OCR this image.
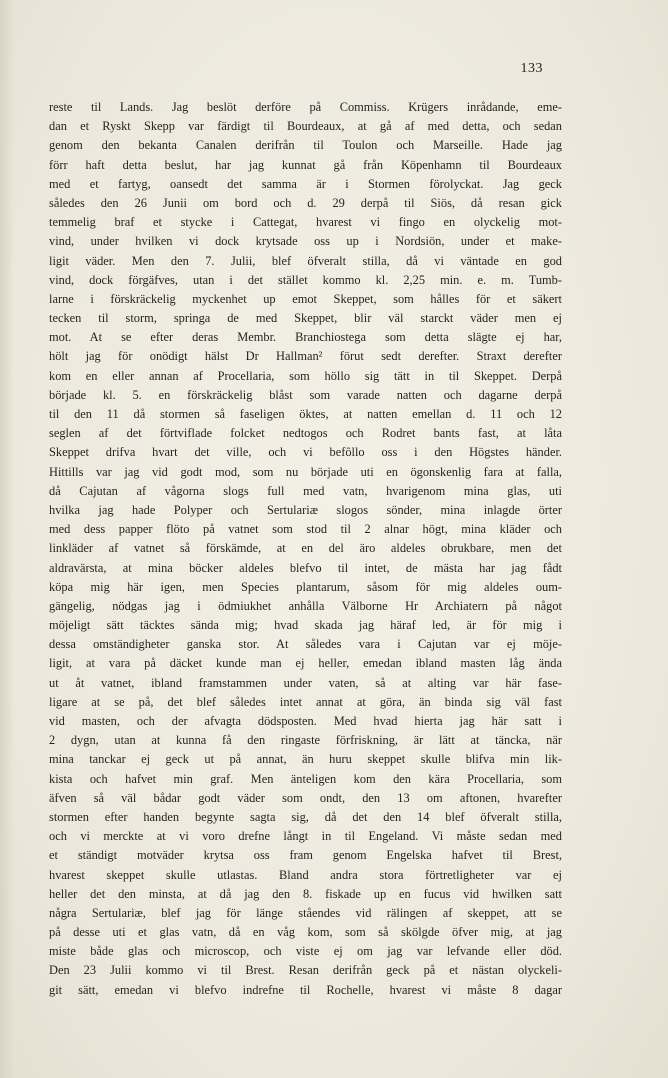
133
reste til Lands. Jag beslöt derföre på Commiss. Krügers inrådande, eme-
dan et Ryskt Skepp var färdigt til Bourdeaux, at gå af med detta, och sedan
genom den bekanta Canalen derifrån til Toulon och Marseille. Hade jag
förr haft detta beslut, har jag kunnat gå från Köpenhamn til Bourdeaux
med et fartyg, oansedt det samma är i Stormen förolyckat. Jag geck
således den 26 Junii om bord och d. 29 derpå til Siös, då resan gick
temmelig braf et stycke i Cattegat, hvarest vi fingo en olyckelig mot-
vind, under hvilken vi dock krytsade oss up i Nordsiön, under et make-
ligit väder. Men den 7. Julii, blef öfveralt stilla, då vi väntade en god
vind, dock förgäfves, utan i det stället kommo kl. 2,25 min. e. m. Tumb-
larne i förskräckelig myckenhet up emot Skeppet, som hålles för et säkert
tecken til storm, springa de med Skeppet, blir väl starckt väder men ej
mot. At se efter deras Membr. Branchiostega som detta slägte ej har,
hölt jag för onödigt hälst Dr Hallman² förut sedt derefter. Straxt derefter
kom en eller annan af Procellaria, som höllo sig tätt in til Skeppet. Derpå
började kl. 5. en förskräckelig blåst som varade natten och dagarne derpå
til den 11 då stormen så faseligen öktes, at natten emellan d. 11 och 12
seglen af det förtviflade folcket nedtogos och Rodret bants fast, at låta
Skeppet drifva hvart det ville, och vi befôllo oss i den Högstes händer.
Hittills var jag vid godt mod, som nu började uti en ögonskenlig fara at falla,
då Cajutan af vågorna slogs full med vatn, hvarigenom mina glas, uti
hvilka jag hade Polyper och Sertulariæ slogos sönder, mina inlagde örter
med dess papper flöto på vatnet som stod til 2 alnar högt, mina kläder och
linkläder af vatnet så förskämde, at en del äro aldeles obrukbare, men det
aldravärsta, at mina böcker aldeles blefvo til intet, de mästa har jag fådt
köpa mig här igen, men Species plantarum, såsom för mig aldeles oum-
gängelig, nödgas jag i ödmiukhet anhålla Välborne Hr Archiatern på något
möjeligt sätt täcktes sända mig; hvad skada jag häraf led, är för mig i
dessa omständigheter ganska stor. At således vara i Cajutan var ej möje-
ligit, at vara på däcket kunde man ej heller, emedan ibland masten låg ända
ut åt vatnet, ibland framstammen under vaten, så at alting var här fase-
ligare at se på, det blef således intet annat at göra, än binda sig väl fast
vid masten, och der afvagta dödsposten. Med hvad hierta jag här satt i
2 dygn, utan at kunna få den ringaste förfriskning, är lätt at täncka, när
mina tanckar ej geck ut på annat, än huru skeppet skulle blifva min lik-
kista och hafvet min graf. Men änteligen kom den kära Procellaria, som
äfven så väl bådar godt väder som ondt, den 13 om aftonen, hvarefter
stormen efter handen begynte sagta sig, då det den 14 blef öfveralt stilla,
och vi merckte at vi voro drefne långt in til Engeland. Vi måste sedan med
et ständigt motväder krytsa oss fram genom Engelska hafvet til Brest,
hvarest skeppet skulle utlastas. Bland andra stora förtretligheter var ej
heller det den minsta, at då jag den 8. fiskade up en fucus vid hwilken satt
några Sertulariæ, blef jag för länge ståendes vid rälingen af skeppet, att se
på desse uti et glas vatn, då en våg kom, som så skölgde öfver mig, at jag
miste både glas och microscop, och viste ej om jag var lefvande eller död.
Den 23 Julii kommo vi til Brest. Resan derifrån geck på et nästan olyckeli-
git sätt, emedan vi blefvo indrefne til Rochelle, hvarest vi måste 8 dagar
